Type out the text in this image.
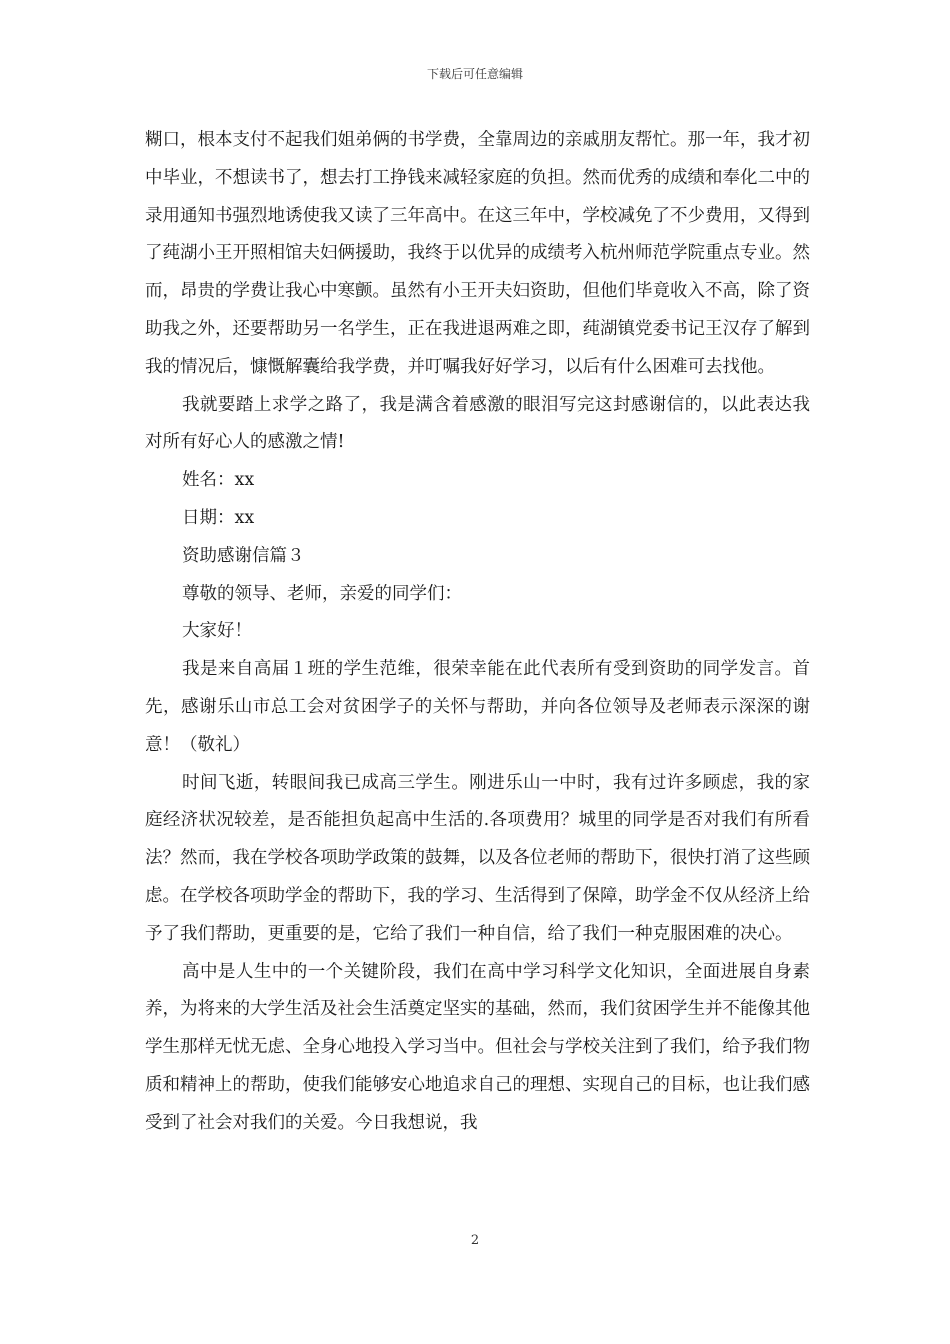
下载后可任意编辑

糊口，根本支付不起我们姐弟俩的书学费，全靠周边的亲戚朋友帮忙。那一年，我才初中毕业，不想读书了，想去打工挣钱来减轻家庭的负担。然而优秀的成绩和奉化二中的录用通知书强烈地诱使我又读了三年高中。在这三年中，学校减免了不少费用，又得到了莼湖小王开照相馆夫妇俩援助，我终于以优异的成绩考入杭州师范学院重点专业。然而，昂贵的学费让我心中寒颤。虽然有小王开夫妇资助，但他们毕竟收入不高，除了资助我之外，还要帮助另一名学生，正在我进退两难之即，莼湖镇党委书记王汉存了解到我的情况后，慷慨解囊给我学费，并叮嘱我好好学习，以后有什么困难可去找他。

我就要踏上求学之路了，我是满含着感激的眼泪写完这封感谢信的，以此表达我对所有好心人的感激之情!

姓名：xx

日期：xx

资助感谢信篇３

尊敬的领导、老师，亲爱的同学们：

大家好！

我是来自高届１班的学生范维，很荣幸能在此代表所有受到资助的同学发言。首先，感谢乐山市总工会对贫困学子的关怀与帮助，并向各位领导及老师表示深深的谢意！（敬礼）

时间飞逝，转眼间我已成高三学生。刚进乐山一中时，我有过许多顾虑，我的家庭经济状况较差，是否能担负起高中生活的.各项费用？城里的同学是否对我们有所看法？然而，我在学校各项助学政策的鼓舞，以及各位老师的帮助下，很快打消了这些顾虑。在学校各项助学金的帮助下，我的学习、生活得到了保障，助学金不仅从经济上给予了我们帮助，更重要的是，它给了我们一种自信，给了我们一种克服困难的决心。

高中是人生中的一个关键阶段，我们在高中学习科学文化知识，全面进展自身素养，为将来的大学生活及社会生活奠定坚实的基础，然而，我们贫困学生并不能像其他学生那样无忧无虑、全身心地投入学习当中。但社会与学校关注到了我们，给予我们物质和精神上的帮助，使我们能够安心地追求自己的理想、实现自己的目标，也让我们感受到了社会对我们的关爱。今日我想说，我

2
